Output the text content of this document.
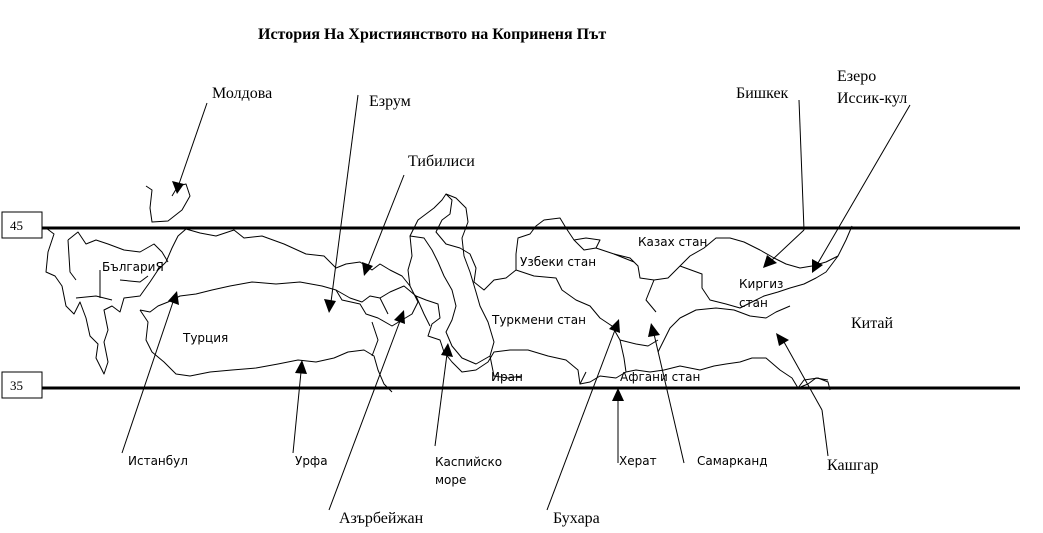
История На Християнството на Коприненя Път
45
35
БългариЯ
Турция
Узбеки стан
Казах стан
Киргиз
стан
Туркмени стан
Иран	Афгани стан
Китай
Молдова	Езрум
Тибилиси
Бишкек
Езеро
Иссик-кул
Истанбул	Урфа	Каспийско
море
Херат	Самарканд	Кашгар
Азърбейжан	Бухара
